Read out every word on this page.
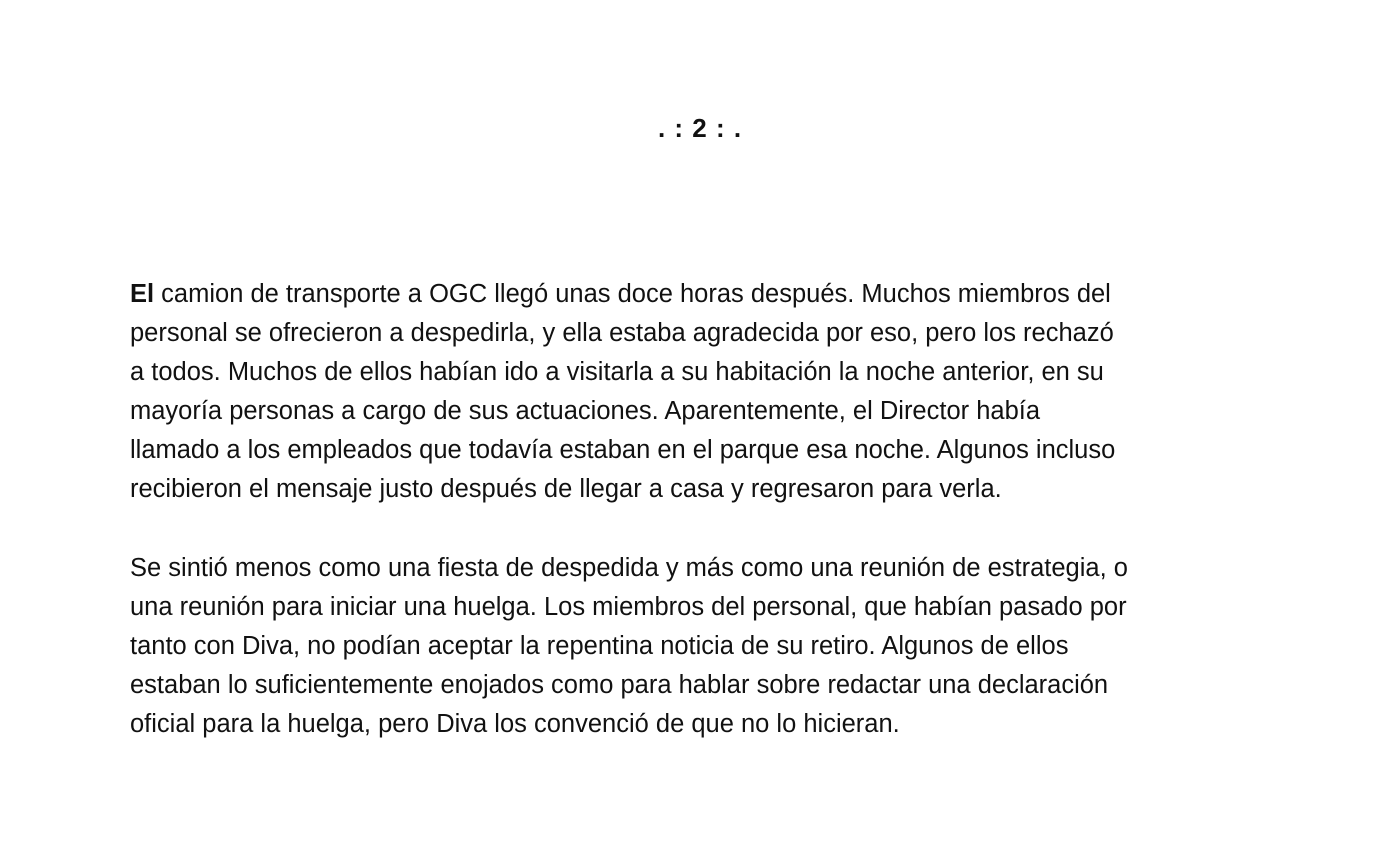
. : 2 : .

El camion de transporte a OGC llegó unas doce horas después. Muchos miembros del
personal se ofrecieron a despedirla, y ella estaba agradecida por eso, pero los rechazó
a todos. Muchos de ellos habían ido a visitarla a su habitación la noche anterior, en su
mayoría personas a cargo de sus actuaciones. Aparentemente, el Director había
llamado a los empleados que todavía estaban en el parque esa noche. Algunos incluso
recibieron el mensaje justo después de llegar a casa y regresaron para verla.

Se sintió menos como una fiesta de despedida y más como una reunión de estrategia, o
una reunión para iniciar una huelga. Los miembros del personal, que habían pasado por
tanto con Diva, no podían aceptar la repentina noticia de su retiro. Algunos de ellos
estaban lo suficientemente enojados como para hablar sobre redactar una declaración
oficial para la huelga, pero Diva los convenció de que no lo hicieran.
